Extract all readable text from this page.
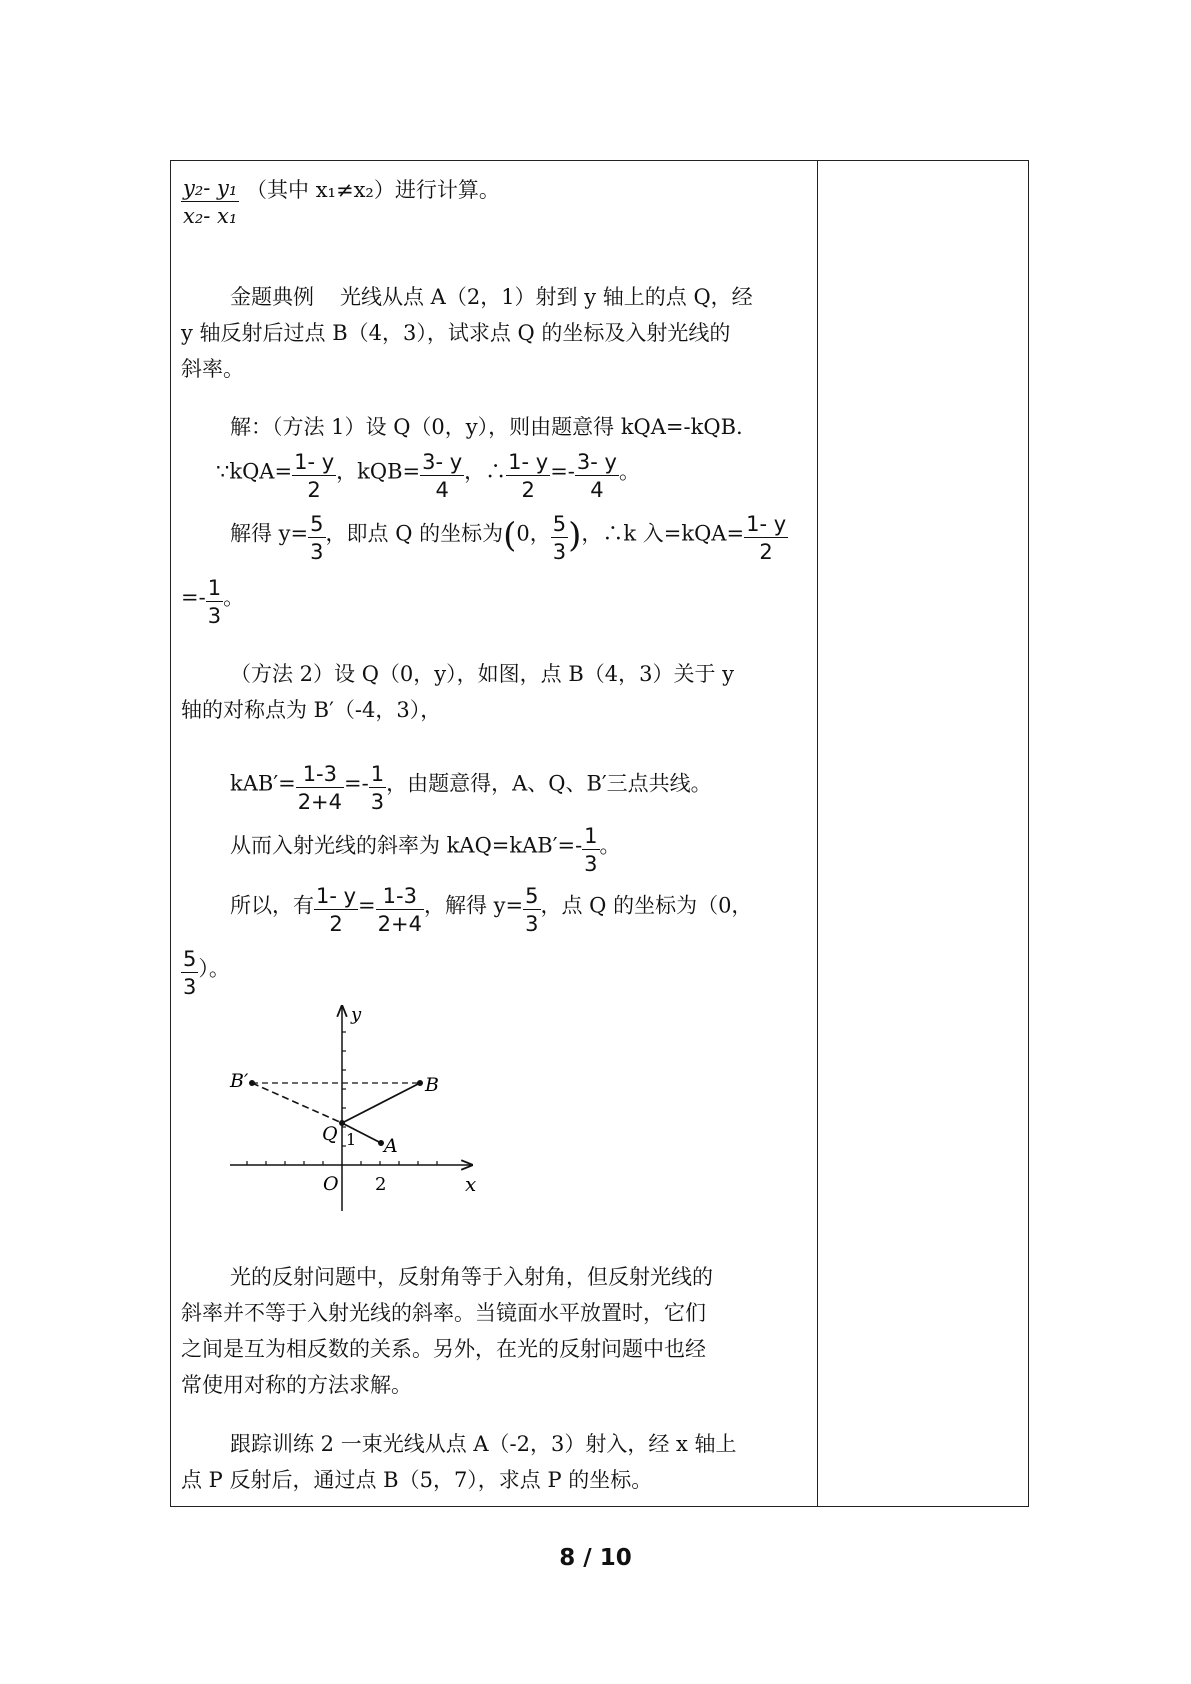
$\frac{\text{y₂- y₁}}{\text{x₂- x₁}}$ （其中 x₁≠x₂）进行计算。
金题典例 光线从点 A（2，1）射到 y 轴上的点 Q，经
y 轴反射后过点 B（4，3），试求点 Q 的坐标及入射光线的
斜率。
解：（方法 1）设 Q（0，y），则由题意得 kQA=-kQB.
∵kQA= $\frac{1- y}{2}$ ，$kQB= \frac{3- y}{4}$ ，∴ $\frac{1- y}{2} =- \frac{3- y}{4}$ 。
解得 $y= \frac{5}{3}$ ，即点 Q 的坐标为(0， $\frac{5}{3}$ )，∴k 入$=kQA= \frac{1- y}{2}$
=- $\frac{1}{3}$ 。
（方法 2）设 Q（0，y），如图，点 B（4，3）关于 y
轴的对称点为 B′（-4，3），
$kAB'= \frac{1-3}{2+4} =- \frac{1}{3}$ ，由题意得，A、Q、B′三点共线。
从而入射光线的斜率为 $kAQ=kAB'=- \frac{1}{3}$ 。
所以，有 $\frac{1- y}{2} = \frac{1-3}{2+4}$ ，解得 $y= \frac{5}{3}$ ，点 Q 的坐标为（0，
$\frac{5}{3}$ ）。
光的反射问题中，反射角等于入射角，但反射光线的
斜率并不等于入射光线的斜率。当镜面水平放置时，它们
之间是互为相反数的关系。另外，在光的反射问题中也经
常使用对称的方法求解。
跟踪训练 2 一束光线从点 A（-2，3）射入，经 x 轴上
点 P 反射后，通过点 B（5，7），求点 P 的坐标。
y
x
O 2
1
B′	B
Q
A
8 / 10
